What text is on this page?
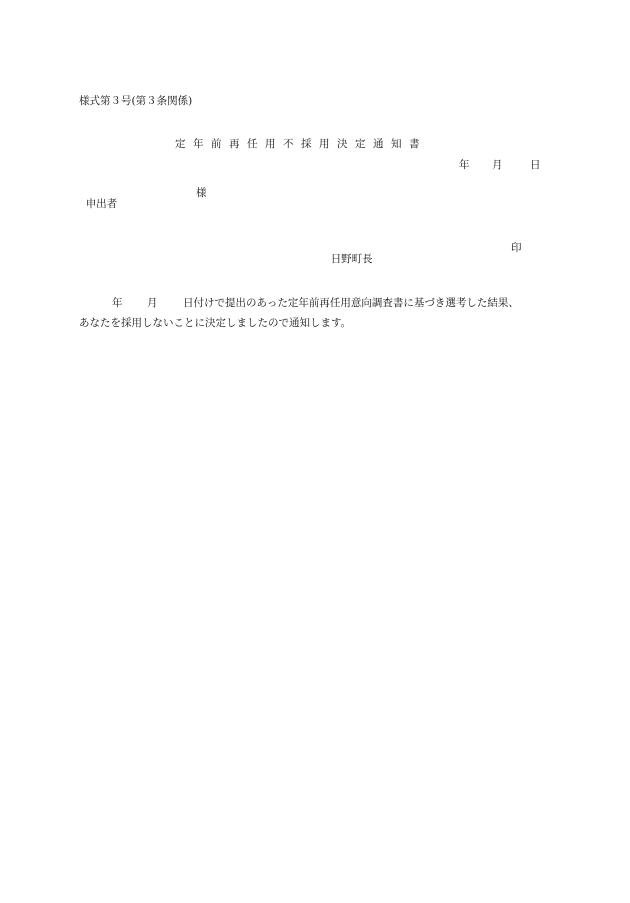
様式第３号(第３条関係)
定年前再任用不採用決定通知書

年

月

	日

申出者

様

日野町長

印

年

月

日付けで提出のあった定年前再任用意向調査書に基づき選考した結果、

あなたを採用しないことに決定しましたので通知します。
